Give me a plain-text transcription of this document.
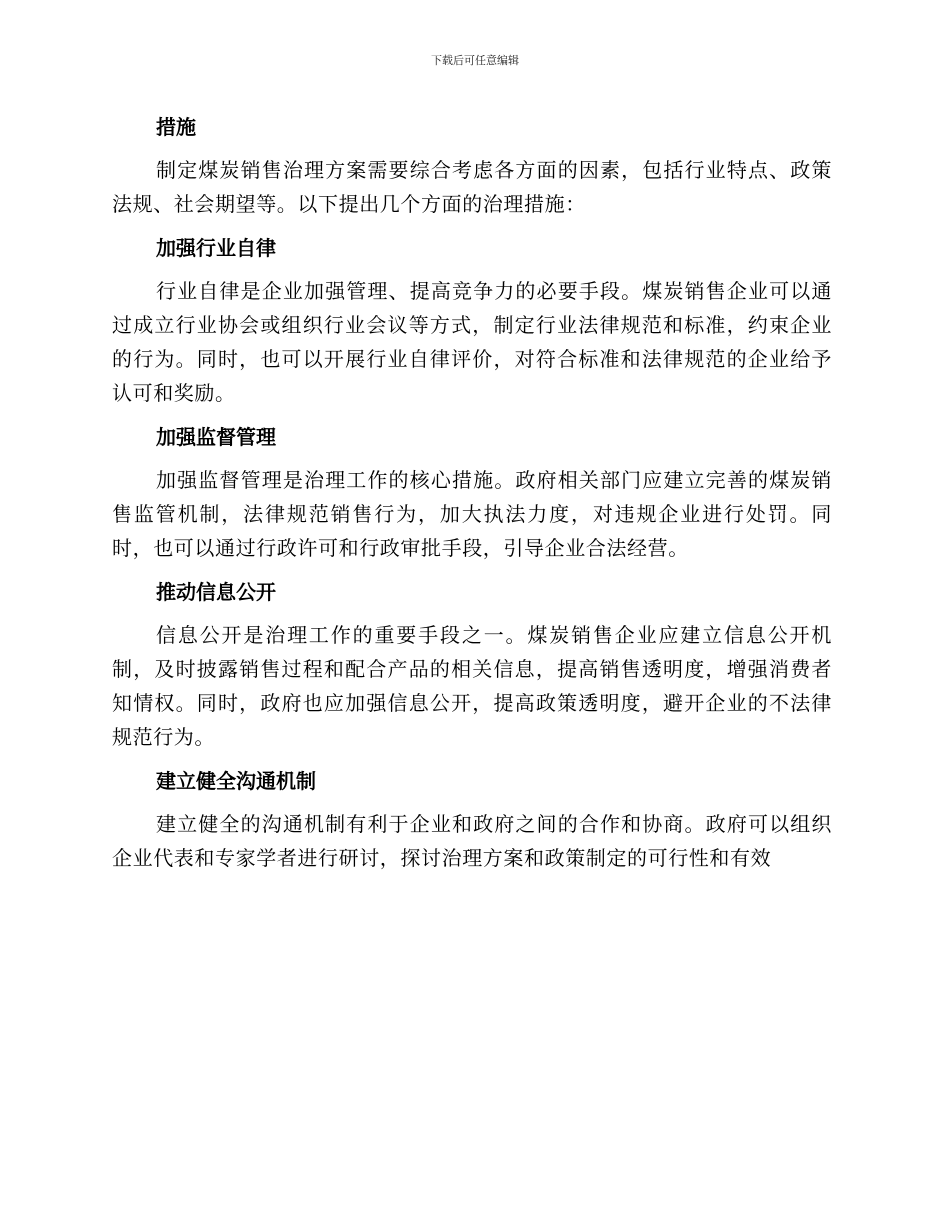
下载后可任意编辑
措施

制定煤炭销售治理方案需要综合考虑各方面的因素，包括行业特点、政策法规、社会期望等。以下提出几个方面的治理措施：

加强行业自律

行业自律是企业加强管理、提高竞争力的必要手段。煤炭销售企业可以通过成立行业协会或组织行业会议等方式，制定行业法律规范和标准，约束企业的行为。同时，也可以开展行业自律评价，对符合标准和法律规范的企业给予认可和奖励。

加强监督管理

加强监督管理是治理工作的核心措施。政府相关部门应建立完善的煤炭销售监管机制，法律规范销售行为，加大执法力度，对违规企业进行处罚。同时，也可以通过行政许可和行政审批手段，引导企业合法经营。

推动信息公开

信息公开是治理工作的重要手段之一。煤炭销售企业应建立信息公开机制，及时披露销售过程和配合产品的相关信息，提高销售透明度，增强消费者知情权。同时，政府也应加强信息公开，提高政策透明度，避开企业的不法律规范行为。

建立健全沟通机制

建立健全的沟通机制有利于企业和政府之间的合作和协商。政府可以组织企业代表和专家学者进行研讨，探讨治理方案和政策制定的可行性和有效
